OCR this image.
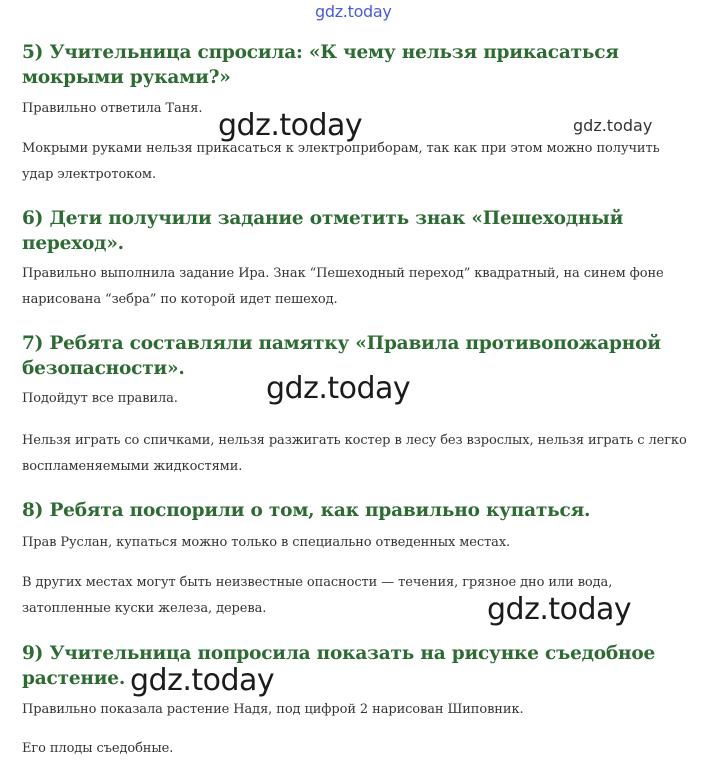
gdz.today
5) Учительница спросила: «К чему нельзя прикасаться мокрыми руками?»

Правильно ответила Таня.

Мокрыми руками нельзя прикасаться к электроприборам, так как при этом можно получить удар электротоком.

6) Дети получили задание отметить знак «Пешеходный переход».

Правильно выполнила задание Ира. Знак “Пешеходный переход” квадратный, на синем фоне нарисована “зебра” по которой идет пешеход.

7) Ребята составляли памятку «Правила противопожарной безопасности».

Подойдут все правила.

Нельзя играть со спичками, нельзя разжигать костер в лесу без взрослых, нельзя играть с легко воспламеняемыми жидкостями.

8) Ребята поспорили о том, как правильно купаться.

Прав Руслан, купаться можно только в специально отведенных местах.

В других местах могут быть неизвестные опасности — течения, грязное дно или вода, затопленные куски железа, дерева.

9) Учительница попросила показать на рисунке съедобное растение.

Правильно показала растение Надя, под цифрой 2 нарисован Шиповник.

Его плоды съедобные.

gdz.today	gdz.today
gdz.today
gdz.today
gdz.today
